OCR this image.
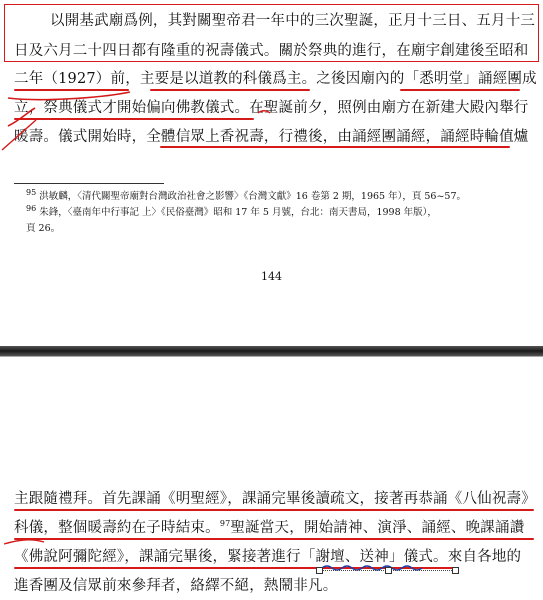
以開基武廟爲例，其對關聖帝君一年中的三次聖誕，正月十三日、五月十三
日及六月二十四日都有隆重的祝壽儀式。關於祭典的進行，在廟宇創建後至昭和
二年（1927）前，主要是以道教的科儀爲主。之後因廟內的「悉明堂」誦經團成
立，祭典儀式才開始偏向佛教儀式。在聖誕前夕，照例由廟方在新建大殿內舉行
暖壽。儀式開始時，全體信眾上香祝壽，行禮後，由誦經團誦經，誦經時輪值爐
$^{95}$ 洪敏麟，〈清代關聖帝廟對台灣政治社會之影響〉《台灣文獻》16 卷第 2 期，1965 年），頁 56~57。
$^{96}$ 朱鋒，〈臺南年中行事記 上〉《民俗臺灣》昭和 17 年 5 月號，台北：南天書局，1998 年版），
頁 26。
144
主跟隨禮拜。首先課誦《明聖經》，課誦完畢後讀疏文，接著再恭誦《八仙祝壽》
科儀，整個暖壽約在子時結束。$^{97}$聖誕當天，開始請神、演淨、誦經、晚課誦讚
《佛說阿彌陀經》，課誦完畢後，緊接著進行「謝壇、送神」儀式。來自各地的
進香團及信眾前來參拜者，絡繹不絕，熱鬧非凡。
